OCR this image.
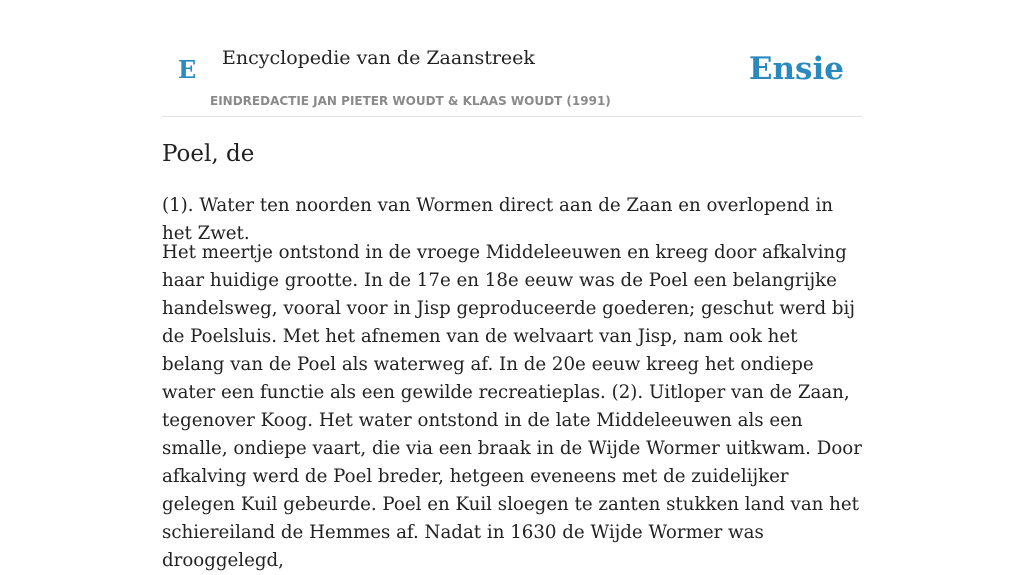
E Encyclopedie van de Zaanstreek	Ensie
EINDREDACTIE JAN PIETER WOUDT & KLAAS WOUDT (1991)
Poel, de

(1). Water ten noorden van Wormen direct aan de Zaan en overlopend in het Zwet.

Het meertje ontstond in de vroege Middeleeuwen en kreeg door afkalving haar huidige grootte. In de 17e en 18e eeuw was de Poel een belangrijke handelsweg, vooral voor in Jisp geproduceerde goederen; geschut werd bij de Poelsluis. Met het afnemen van de welvaart van Jisp, nam ook het belang van de Poel als waterweg af. In de 20e eeuw kreeg het ondiepe water een functie als een gewilde recreatieplas. (2). Uitloper van de Zaan, tegenover Koog. Het water ontstond in de late Middeleeuwen als een smalle, ondiepe vaart, die via een braak in de Wijde Wormer uitkwam. Door afkalving werd de Poel breder, hetgeen eveneens met de zuidelijker gelegen Kuil gebeurde. Poel en Kuil sloegen te zanten stukken land van het schiereiland de Hemmes af. Nadat in 1630 de Wijde Wormer was drooggelegd,
